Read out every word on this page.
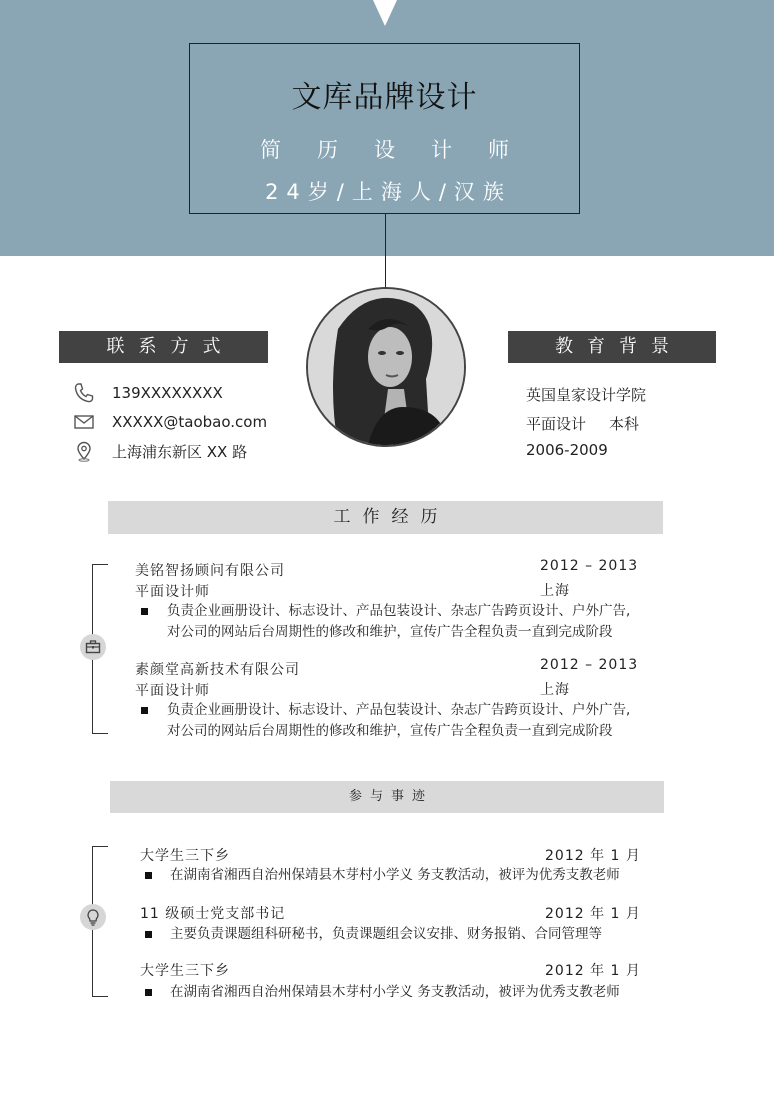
文库品牌设计
简历设计师
24岁/上海人/汉族
联系方式
139XXXXXXXX
XXXXX@taobao.com
上海浦东新区 XX 路
教育背景
英国皇家设计学院
平面设计 本科
2006-2009
工作经历
美铭智扬顾问有限公司	2012 – 2013
平面设计师	上海
负责企业画册设计、标志设计、产品包装设计、杂志广告跨页设计、户外广告,
对公司的网站后台周期性的修改和维护，宣传广告全程负责一直到完成阶段
素颜堂高新技术有限公司	2012 – 2013
平面设计师	上海
负责企业画册设计、标志设计、产品包装设计、杂志广告跨页设计、户外广告,
对公司的网站后台周期性的修改和维护，宣传广告全程负责一直到完成阶段
参与事迹
大学生三下乡	2012 年 1 月
在湖南省湘西自治州保靖县木芽村小学义 务支教活动，被评为优秀支教老师
11 级硕士党支部书记	2012 年 1 月
主要负责课题组科研秘书，负责课题组会议安排、财务报销、合同管理等
大学生三下乡	2012 年 1 月
在湖南省湘西自治州保靖县木芽村小学义 务支教活动，被评为优秀支教老师
